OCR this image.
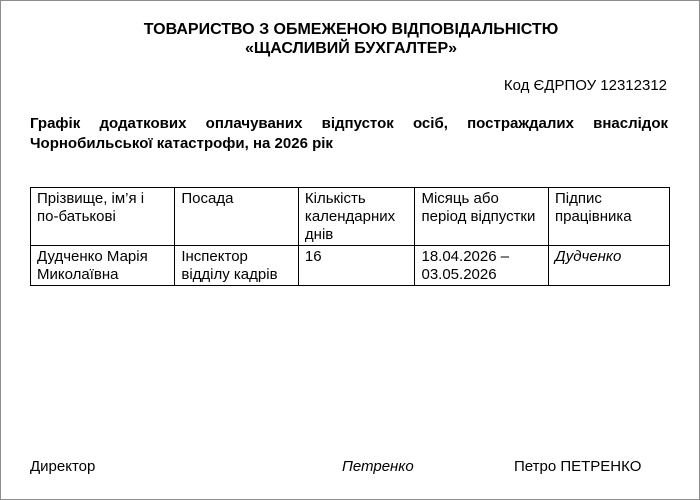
ТОВАРИСТВО З ОБМЕЖЕНОЮ ВІДПОВІДАЛЬНІСТЮ
«ЩАСЛИВИЙ БУХГАЛТЕР»
Код ЄДРПОУ 12312312
Графік додаткових оплачуваних відпусток осіб, постраждалих внаслідок Чорнобильської катастрофи, на 2026 рік
Прізвище, ім’я і по-батькові	Посада	Кількість календарних днів	Місяць або період відпустки	Підпис працівника
Дудченко Марія Миколаївна	Інспектор відділу кадрів	16	18.04.2026 – 03.05.2026	Дудченко
Директор	Петренко	Петро ПЕТРЕНКО
